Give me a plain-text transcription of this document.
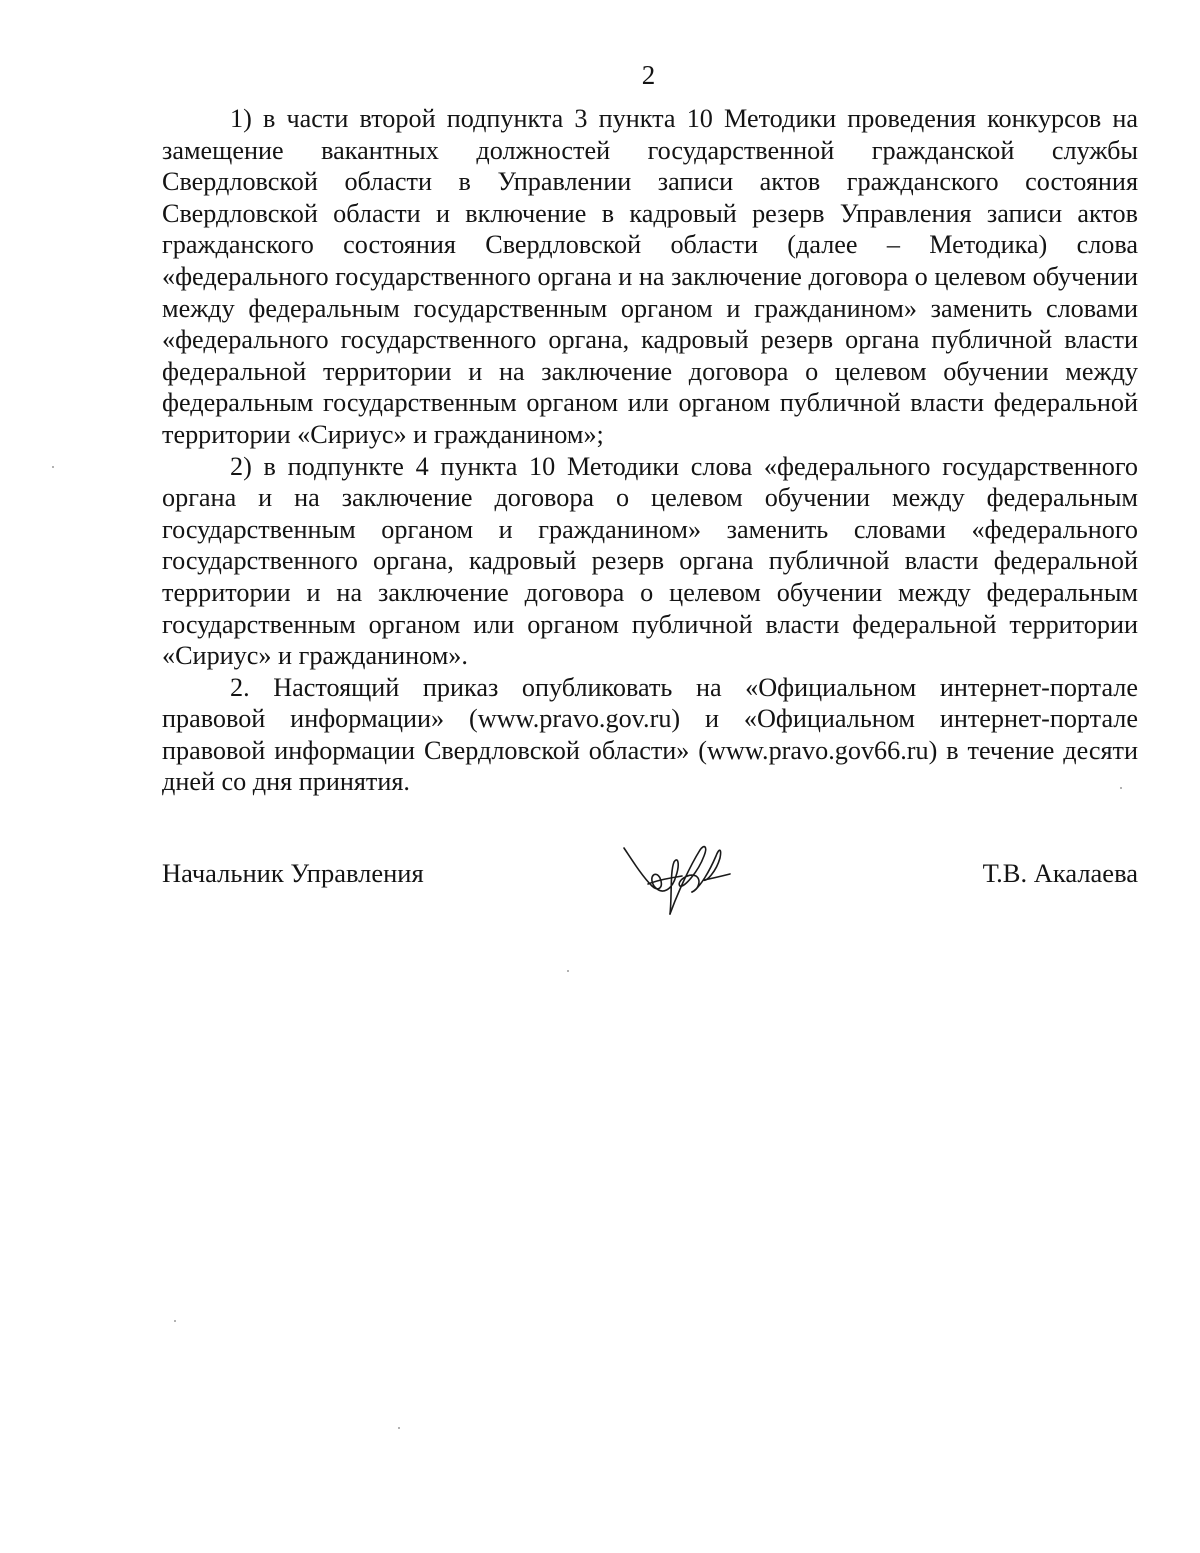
2

1) в части второй подпункта 3 пункта 10 Методики проведения конкурсов на замещение вакантных должностей государственной гражданской службы Свердловской области в Управлении записи актов гражданского состояния Свердловской области и включение в кадровый резерв Управления записи актов гражданского состояния Свердловской области (далее – Методика) слова «федерального государственного органа и на заключение договора о целевом обучении между федеральным государственным органом и гражданином» заменить словами «федерального государственного органа, кадровый резерв органа публичной власти федеральной территории и на заключение договора о целевом обучении между федеральным государственным органом или органом публичной власти федеральной территории «Сириус» и гражданином»;

2) в подпункте 4 пункта 10 Методики слова «федерального государственного органа и на заключение договора о целевом обучении между федеральным государственным органом и гражданином» заменить словами «федерального государственного органа, кадровый резерв органа публичной власти федеральной территории и на заключение договора о целевом обучении между федеральным государственным органом или органом публичной власти федеральной территории «Сириус» и гражданином».

2. Настоящий приказ опубликовать на «Официальном интернет-портале правовой информации» (www.pravo.gov.ru) и «Официальном интернет-портале правовой информации Свердловской области» (www.pravo.gov66.ru) в течение десяти дней со дня принятия.

Начальник Управления	Т.В. Акалаева
